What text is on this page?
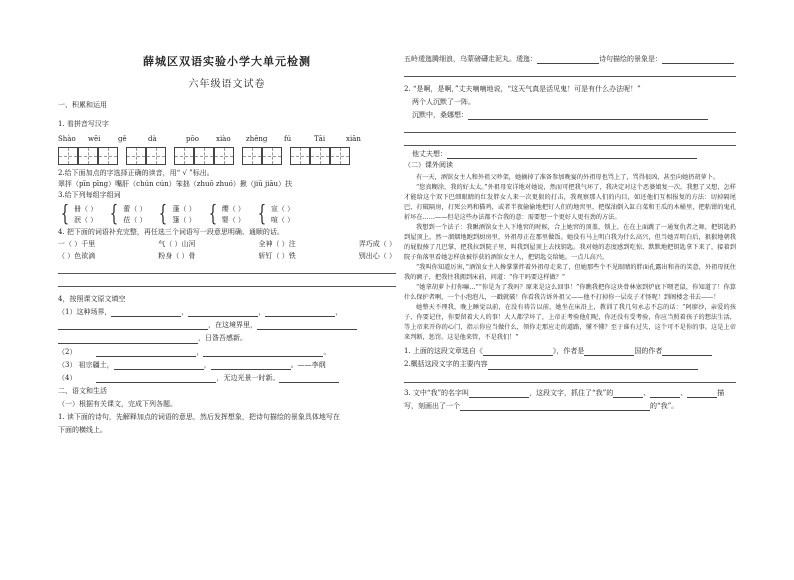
薛城区双语实验小学大单元检测
六年级语文试卷
一、积累和运用
1. 看拼音写汉字
Shào	wēi	gě	dà	pōo	xiào	zhēng	fú	Tāi	xiān
2.给下面加点的字选择正确的读音，用“ √ ”标出。
翠抨（pīn pīng）嘴肝（chún cún）笨拙（zhuō zhuó）揪（jiū jiāu）扶
3.给下列每组字组词
{ 卌（ ）
泯（ ） { 蕾（ ）
莅（ ） { 蓬（ ）
篷（ ） { 缨（ ）
婴（ ） { 宣（ ）
喧（ ）
4. 把下面的词语补充完整，再任选三个词语写一段意思明确、通顺的话。
一（ ）千里	气（ ）山河	全神（ ）注	弄巧成（ ）
（ ）色欲滴	粉身（ ）骨	斩钉（ ）铁	别出心（ ）
4，按照课文原文填空
（1）这种场界，	，	，	，
，在这境界里，
，日昝吾感新。
（2）	，	。
（3） 祖宗疆土，	，	。——李纲
（4）	，无边光景一时新。
二、语文和生活
（一）根据有关课文，完成下列各题。
1. 读下面的诗句，先解释加点的词语的意思，然后发挥想象，把诗句描绘的景象具体地写在
下面的横线上。
五岭逶迤腾细浪，乌蒙磅礴走泥丸。逶迤：	诗句描绘的景象是：
2. “是啊，是啊，”丈夫喃喃地说，“这天气真是活见鬼！可是有什么办法呢！”
两个人沉默了一阵。
沉默中，桑娜想：
他丈夫想：
（二）课外阅读
有一天，酒馆女主人和外祖父吵架，她摘掉了准备参加晚宴的外祖母也骂上了，骂得很凶，甚至向她扔胡萝卜。
“您真糊涂，我的好太太。”外祖母安详地对她说，然而可把我气坏了，我决定对这个恶婆娘复一次。我想了又想，怎样才能给这个双下巴细眼睛的红发胖女人来一次更狠的打击，我观察那人们的内目，如还他们互相报复的方法：切掉隔尾巴，打破隔房，打死公鸡和猫鸡，或者半夜偷偷地把钉人们的地窖里，把煤油倒入缸白菜和王瓜的木桶里，把粘钳的鬼孔折坏在……——但是这些办法都不合我的意：需要想一个更好人更有劲的方法。
我想到一个法子：我瞅酒馆女主人下地窖的时候，合上她窖的顶盖，锁上，在在上面跳了一通复仇者之舞，把钥匙扔到屋顶上，然一溜烟地跑到厨房里，外祖母正在那里做饭。她没有马上明白我为什么高兴，但当她弄明白后，狠狠地朝我的屁股揍了几巴掌，把我拉到院子里，叫我到屋顶上去找钥匙。我对她的态度感到吃惊，默默地把钥匙拿下来了，接着到院子角落里看她怎样放被俘获的酒馆女主人，把钥匙交给她。一点儿高兴。
“我叫你知道厉害，”酒馆女主人搀掌掌拌着外祖母走来了，但她那些个不见眼睛的胖面孔露出和善的笑意，外祖母抚住我的额子，把我往我拥到床前，问道：“你干吗要这样做？”
“她拿胡萝卜打你嘛…”“你是为了我吗？原来是这么回事！”你瞧我把你这块骨林塞到炉底下喂老鼠，你知道了！你算什么保护者啊，一个小泡泡儿，一戳就破！你看我告诉外祖父——他不打掉你一层皮子才怪呢！到阁楼念书去——！
她整天不理我，晚上睡觉以前，在没有祷告以前，她坐在床沿上，教训了我几句永志不忘的话：“阿廖沙，亲爱的孩子，你要记住，你要留着大人的事！大人都学坏了，上帝正考验他们呢，你还没有受考验，你应当照着孩子的想法生活，等上帝来开你的心门，指示你应当做什么，领你走那应走的道路，懂不懂？至于谁有过失，这个可不是你的事。这是上帝来判断，惩罚。这是他来管，不是我们！”
1. 上面的这段文章选自《	》，作者是	国的作者
2.概括这段文字的主要内容
3. 文中“我”的名字叫	，这段文字，抓住了“我”的	、	、	描
写，刻画出了一个	的“我”。
